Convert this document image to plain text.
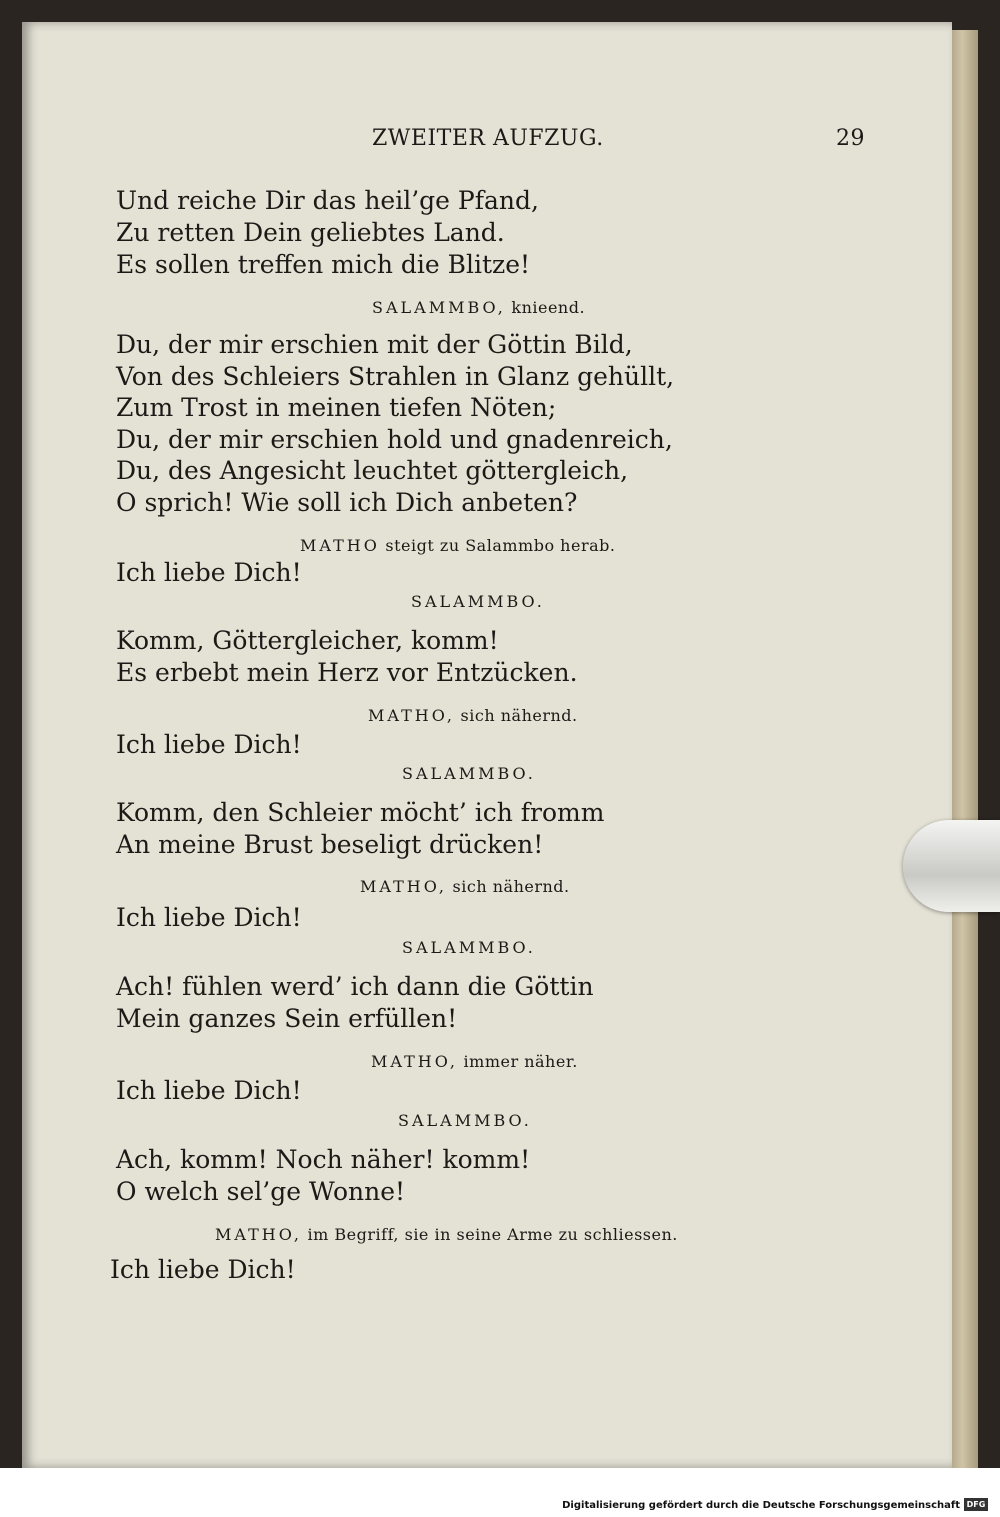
ZWEITER AUFZUG.	29
Und reiche Dir das heil’ge Pfand,
Zu retten Dein geliebtes Land.
Es sollen treffen mich die Blitze!
SALAMMBO, knieend.
Du, der mir erschien mit der Göttin Bild,
Von des Schleiers Strahlen in Glanz gehüllt,
Zum Trost in meinen tiefen Nöten;
Du, der mir erschien hold und gnadenreich,
Du, des Angesicht leuchtet göttergleich,
O sprich! Wie soll ich Dich anbeten?
MATHO steigt zu Salammbo herab.
Ich liebe Dich!
SALAMMBO.
Komm, Göttergleicher, komm!
Es erbebt mein Herz vor Entzücken.
MATHO, sich nähernd.
Ich liebe Dich!
SALAMMBO.
Komm, den Schleier möcht’ ich fromm
An meine Brust beseligt drücken!
MATHO, sich nähernd.
Ich liebe Dich!
SALAMMBO.
Ach! fühlen werd’ ich dann die Göttin
Mein ganzes Sein erfüllen!
MATHO, immer näher.
Ich liebe Dich!
SALAMMBO.
Ach, komm! Noch näher! komm!
O welch sel’ge Wonne!
MATHO, im Begriff, sie in seine Arme zu schliessen.
Ich liebe Dich!
Digitalisierung gefördert durch die Deutsche Forschungsgemeinschaft DFG
